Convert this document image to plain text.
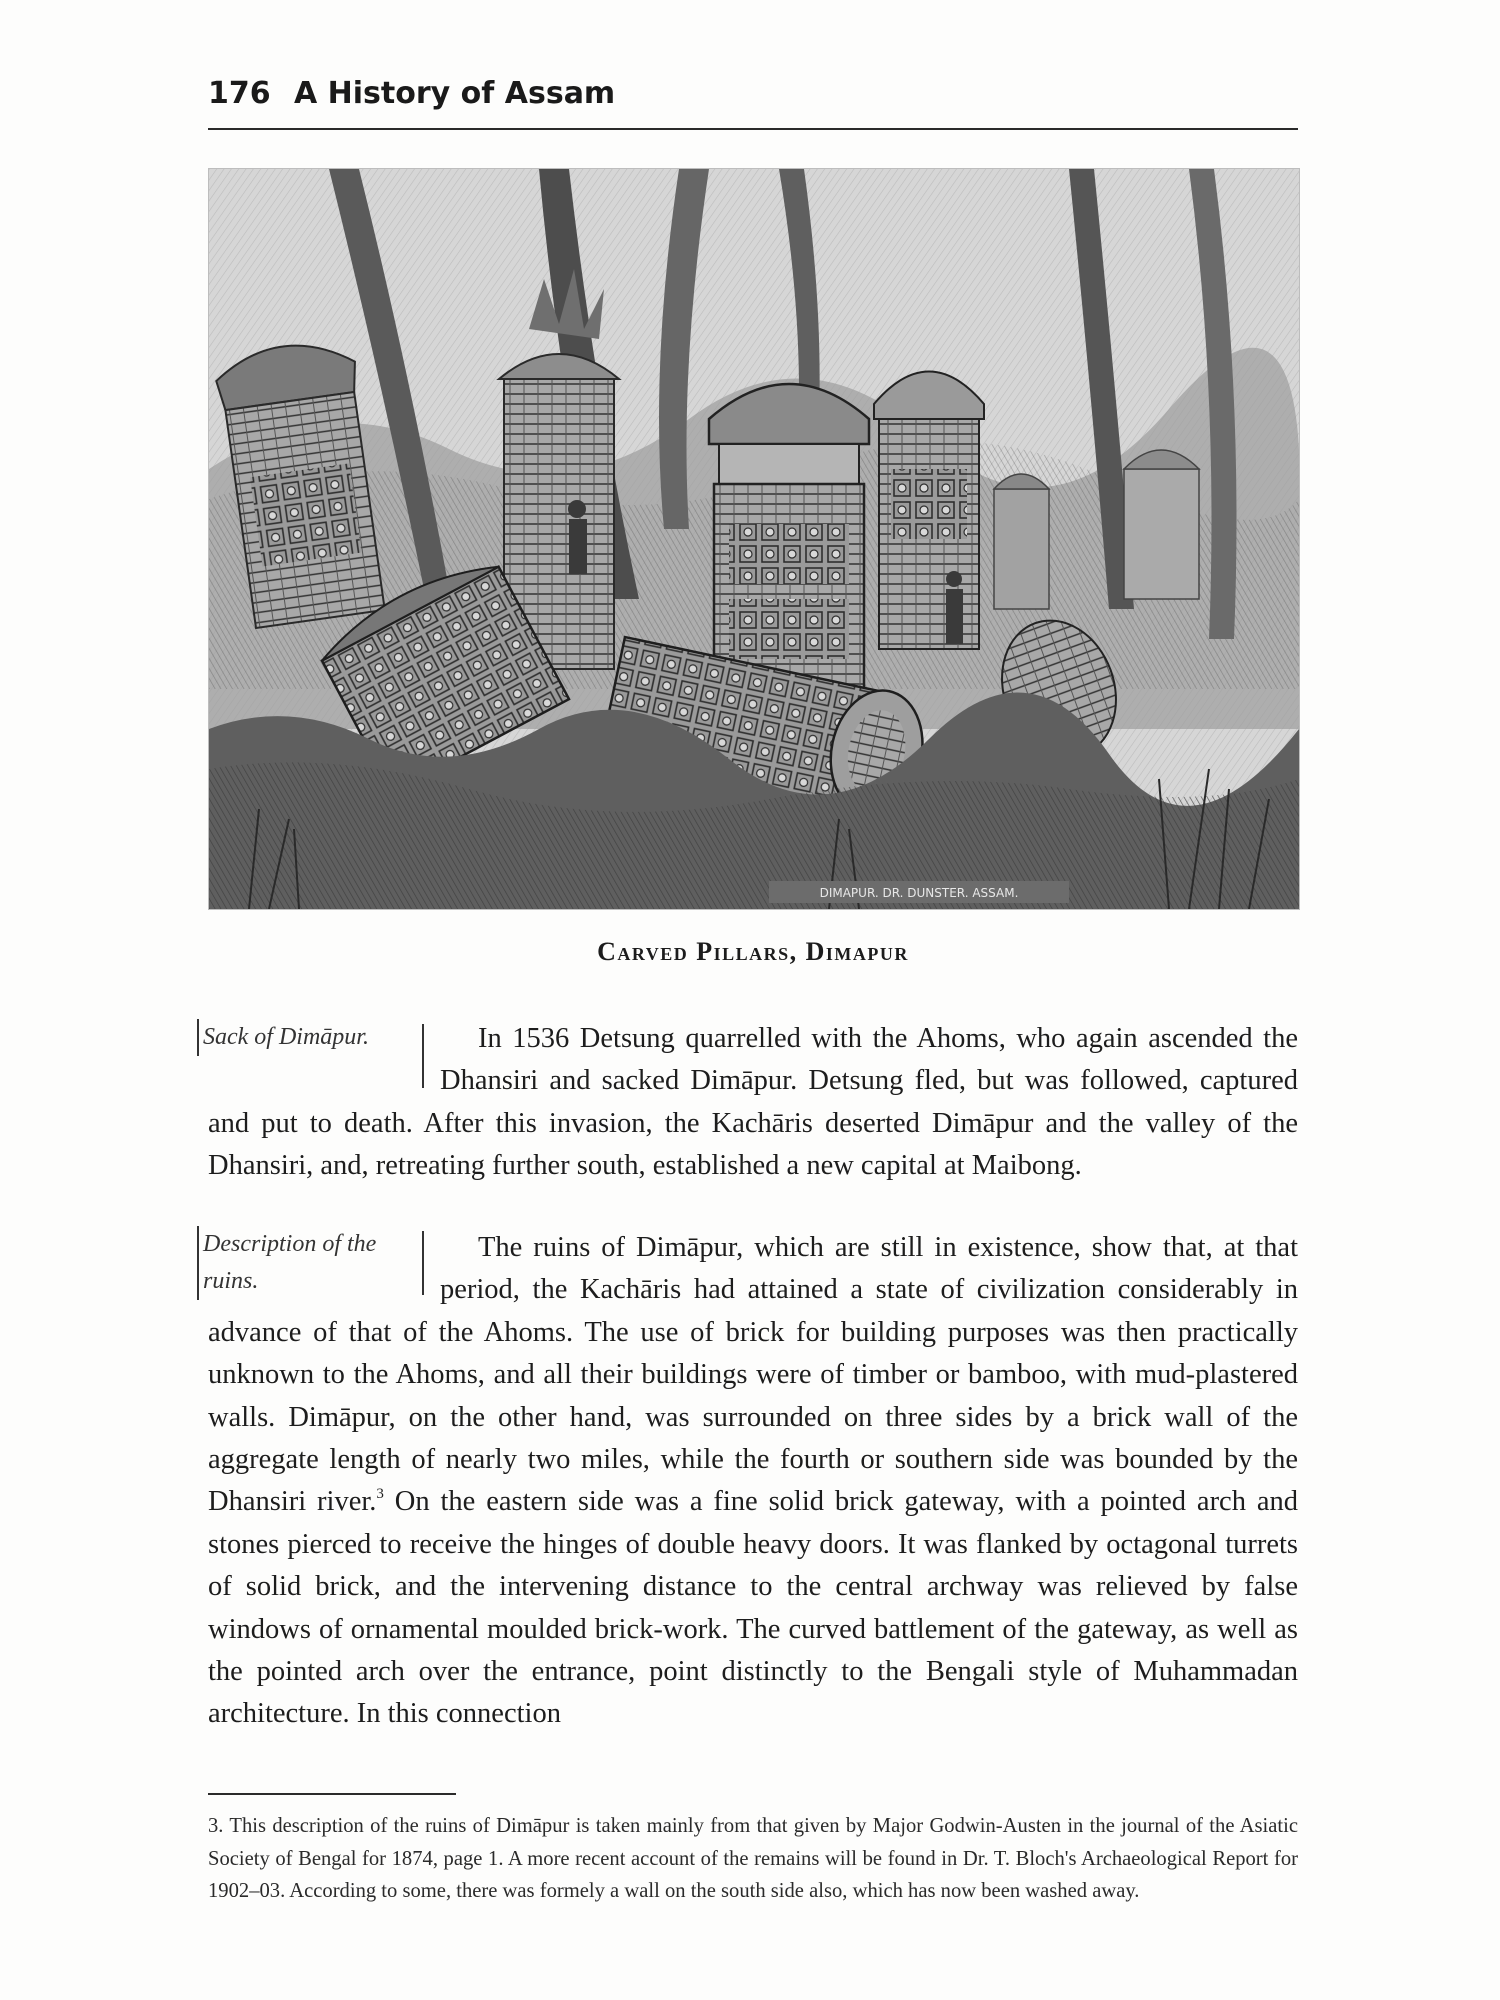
176 A History of Assam
DIMAPUR. DR. DUNSTER. ASSAM.
Carved Pillars, Dimapur
Sack of Dimāpur.
Description of the ruins.

In 1536 Detsung quarrelled with the Ahoms, who again ascended the Dhansiri and sacked Dimāpur. Detsung fled, but was followed, captured and put to death. After this invasion, the Kachāris deserted Dimāpur and the valley of the Dhansiri, and, retreating further south, established a new capital at Maibong.

The ruins of Dimāpur, which are still in existence, show that, at that period, the Kachāris had attained a state of civilization considerably in advance of that of the Ahoms. The use of brick for building purposes was then practically unknown to the Ahoms, and all their buildings were of timber or bamboo, with mud-plastered walls. Dimāpur, on the other hand, was surrounded on three sides by a brick wall of the aggregate length of nearly two miles, while the fourth or southern side was bounded by the Dhansiri river.$^3$ On the eastern side was a fine solid brick gateway, with a pointed arch and stones pierced to receive the hinges of double heavy doors. It was flanked by octagonal turrets of solid brick, and the intervening distance to the central archway was relieved by false windows of ornamental moulded brick-work. The curved battlement of the gateway, as well as the pointed arch over the entrance, point distinctly to the Bengali style of Muhammadan architecture. In this connection

3. This description of the ruins of Dimāpur is taken mainly from that given by Major Godwin-Austen in the journal of the Asiatic Society of Bengal for 1874, page 1. A more recent account of the remains will be found in Dr. T. Bloch's Archaeological Report for 1902–03. According to some, there was formely a wall on the south side also, which has now been washed away.
